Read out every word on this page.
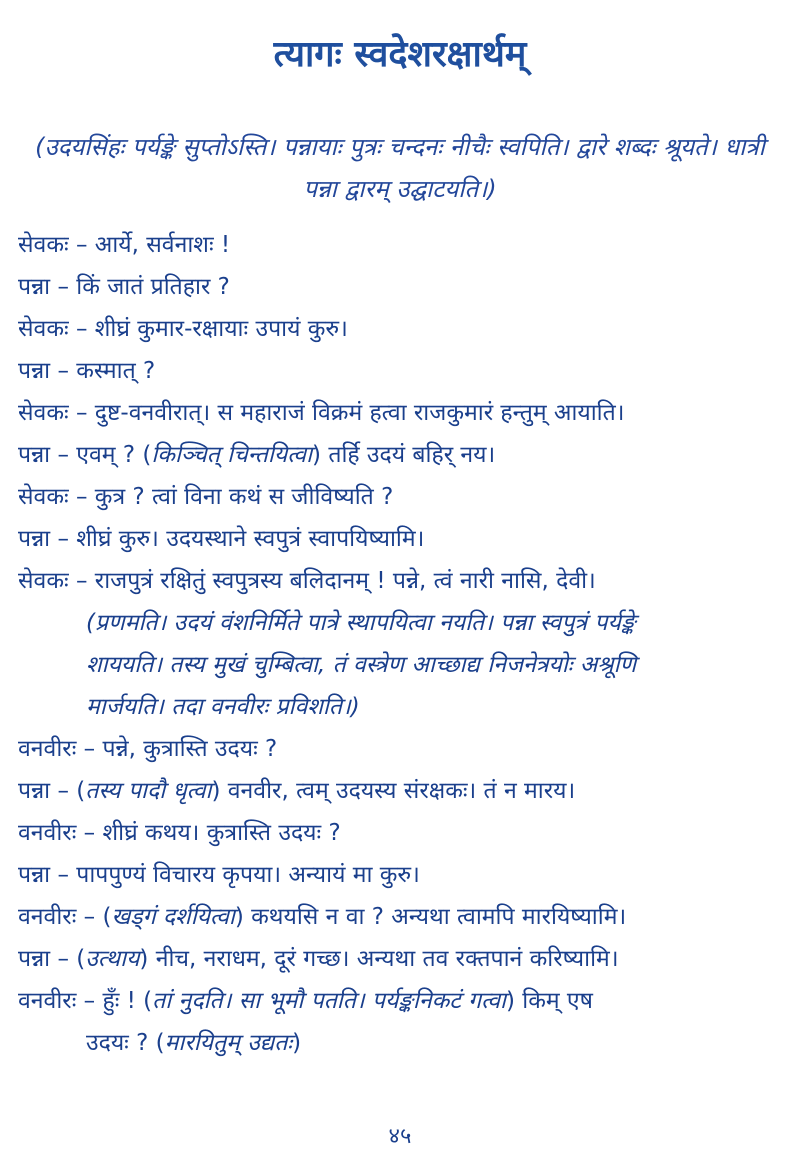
त्यागः स्वदेशरक्षार्थम्
(उदयसिंहः पर्यङ्के सुप्तोऽस्ति। पन्नायाः पुत्रः चन्दनः नीचैः स्वपिति। द्वारे शब्दः श्रूयते। धात्री पन्ना द्वारम् उद्घाटयति।)
सेवकः – आर्ये, सर्वनाशः !
पन्ना – किं जातं प्रतिहार ?
सेवकः – शीघ्रं कुमार-रक्षायाः उपायं कुरु।
पन्ना – कस्मात् ?
सेवकः – दुष्ट-वनवीरात्। स महाराजं विक्रमं हत्वा राजकुमारं हन्तुम् आयाति।
पन्ना – एवम् ? (किञ्चित् चिन्तयित्वा) तर्हि उदयं बहिर् नय।
सेवकः – कुत्र ? त्वां विना कथं स जीविष्यति ?
पन्ना – शीघ्रं कुरु। उदयस्थाने स्वपुत्रं स्वापयिष्यामि।
सेवकः – राजपुत्रं रक्षितुं स्वपुत्रस्य बलिदानम् ! पन्ने, त्वं नारी नासि, देवी।
(प्रणमति। उदयं वंशनिर्मिते पात्रे स्थापयित्वा नयति। पन्ना स्वपुत्रं पर्यङ्के
शाययति। तस्य मुखं चुम्बित्वा, तं वस्त्रेण आच्छाद्य निजनेत्रयोः अश्रूणि
मार्जयति। तदा वनवीरः प्रविशति।)
वनवीरः – पन्ने, कुत्रास्ति उदयः ?
पन्ना – (तस्य पादौ धृत्वा) वनवीर, त्वम् उदयस्य संरक्षकः। तं न मारय।
वनवीरः – शीघ्रं कथय। कुत्रास्ति उदयः ?
पन्ना – पापपुण्यं विचारय कृपया। अन्यायं मा कुरु।
वनवीरः – (खड्गं दर्शयित्वा) कथयसि न वा ? अन्यथा त्वामपि मारयिष्यामि।
पन्ना – (उत्थाय) नीच, नराधम, दूरं गच्छ। अन्यथा तव रक्तपानं करिष्यामि।
वनवीरः – हुँः ! (तां नुदति। सा भूमौ पतति। पर्यङ्कनिकटं गत्वा) किम् एष
उदयः ? (मारयितुम् उद्यतः)
४५
